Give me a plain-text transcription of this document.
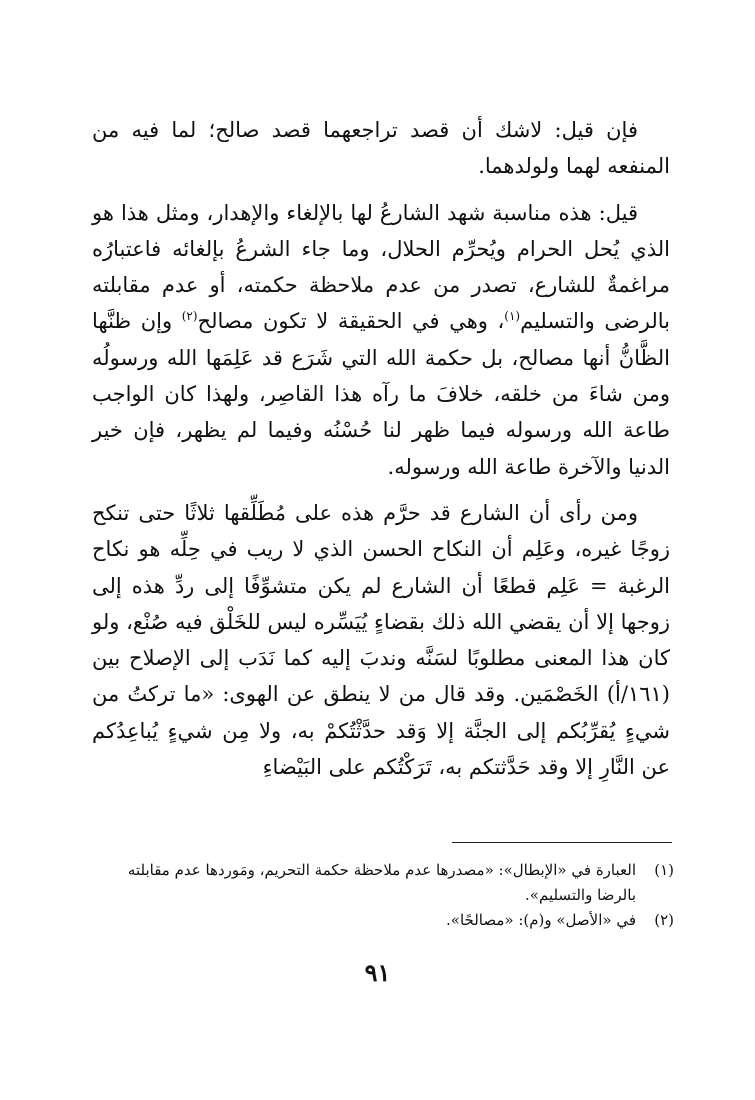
فإن قيل: لاشك أن قصد تراجعهما قصد صالح؛ لما فيه من المنفعه لهما ولولدهما.

قيل: هذه مناسبة شهد الشارعُ لها بالإلغاء والإهدار، ومثل هذا هو الذي يُحل الحرام ويُحرِّم الحلال، وما جاء الشرعُ بإلغائه فاعتبارُه مراغمةٌ للشارع، تصدر من عدم ملاحظة حكمته، أو عدم مقابلته بالرضى والتسليم$^{(١)}$، وهي في الحقيقة لا تكون مصالح$^{(٢)}$ وإن ظنَّها الظَّانُّ أنها مصالح، بل حكمة الله التي شَرَع قد عَلِمَها الله ورسولُه ومن شاءَ من خلقه، خلافَ ما رآه هذا القاصِر، ولهذا كان الواجب طاعة الله ورسوله فيما ظهر لنا حُسْنُه وفيما لم يظهر، فإن خير الدنيا والآخرة طاعة الله ورسوله.

ومن رأى أن الشارع قد حرَّم هذه على مُطَلِّقها ثلاثًا حتى تنكح زوجًا غيره، وعَلِم أن النكاح الحسن الذي لا ريب في حِلِّه هو نكاح الرغبة = عَلِم قطعًا أن الشارع لم يكن متشوِّفًا إلى ردِّ هذه إلى زوجها إلا أن يقضي الله ذلك بقضاءٍ يُيَسِّره ليس للخَلْق فيه صُنْع، ولو كان هذا المعنى مطلوبًا لسَنَّه وندبَ إليه كما نَدَب إلى الإصلاح بين (١٦١/أ) الخَصْمَين. وقد قال من لا ينطق عن الهوى: «ما تركتُ من شيءٍ يُقرِّبُكم إلى الجنَّة إلا وَقد حدَّثْتُكمْ به، ولا مِن شيءٍ يُباعِدُكم عن النَّارِ إلا وقد حَدَّثتكم به، تَرَكْتُكم على البَيْضاءِ

(١)
العبارة في «الإبطال»: «مصدرها عدم ملاحظة حكمة التحريم، ومَوردها عدم مقابلته بالرضا والتسليم».

(٢)
في «الأصل» و(م): «مصالحًا».

٩١
